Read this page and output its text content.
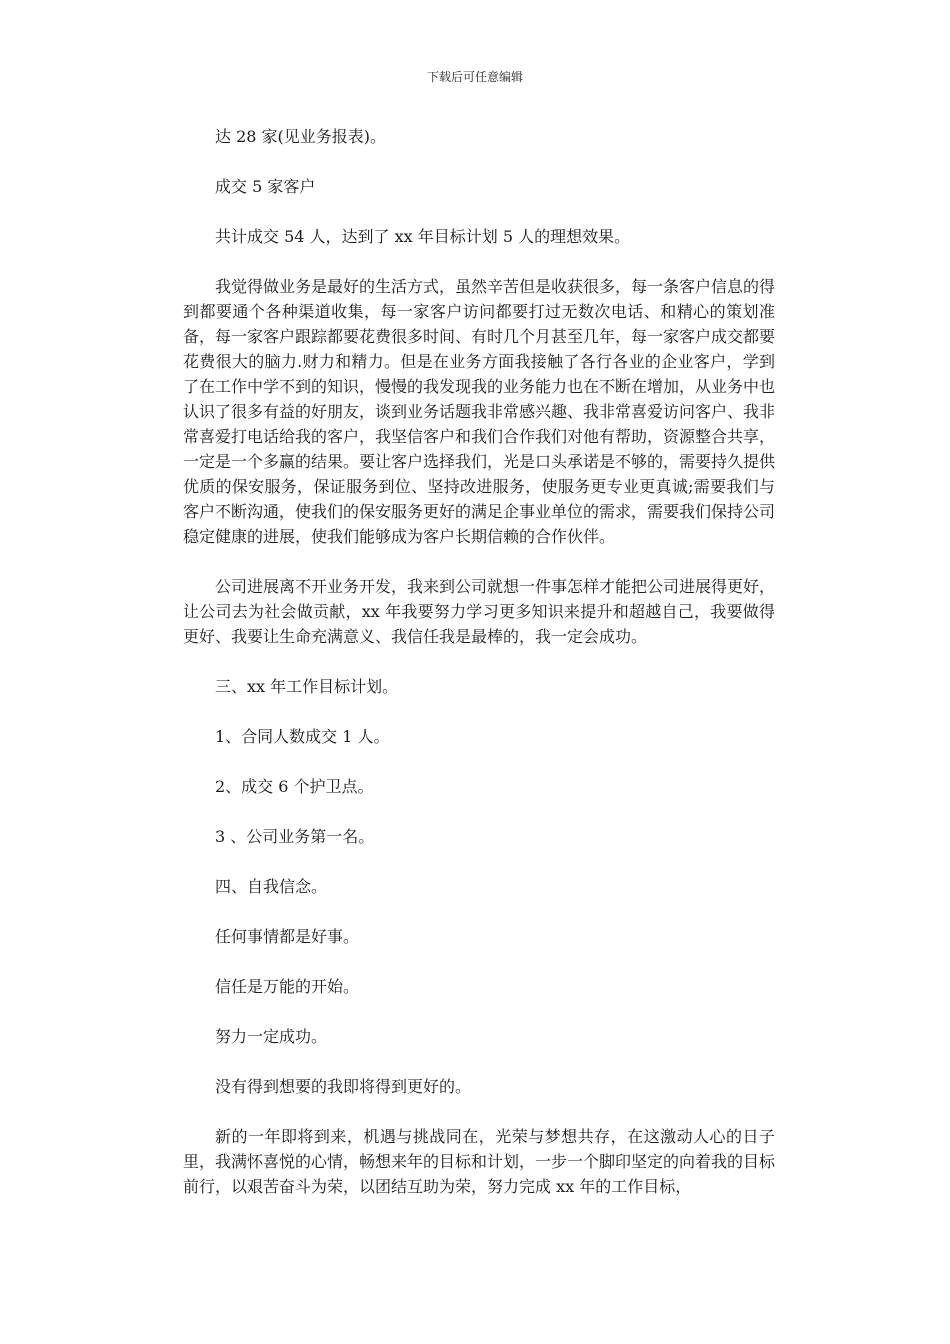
下载后可任意编辑

达 28 家(见业务报表)。

成交 5 家客户

共计成交 54 人，达到了 xx 年目标计划 5 人的理想效果。

我觉得做业务是最好的生活方式，虽然辛苦但是收获很多，每一条客户信息的得到都要通个各种渠道收集，每一家客户访问都要打过无数次电话、和精心的策划准备，每一家客户跟踪都要花费很多时间、有时几个月甚至几年，每一家客户成交都要花费很大的脑力.财力和精力。但是在业务方面我接触了各行各业的企业客户，学到了在工作中学不到的知识，慢慢的我发现我的业务能力也在不断在增加，从业务中也认识了很多有益的好朋友，谈到业务话题我非常感兴趣、我非常喜爱访问客户、我非常喜爱打电话给我的客户，我坚信客户和我们合作我们对他有帮助，资源整合共享，一定是一个多赢的结果。要让客户选择我们，光是口头承诺是不够的，需要持久提供优质的保安服务，保证服务到位、坚持改进服务，使服务更专业更真诚;需要我们与客户不断沟通，使我们的保安服务更好的满足企事业单位的需求，需要我们保持公司稳定健康的进展，使我们能够成为客户长期信赖的合作伙伴。

公司进展离不开业务开发，我来到公司就想一件事怎样才能把公司进展得更好，让公司去为社会做贡献，xx 年我要努力学习更多知识来提升和超越自己，我要做得更好、我要让生命充满意义、我信任我是最棒的，我一定会成功。

三、xx 年工作目标计划。

1、合同人数成交 1 人。

2、成交 6 个护卫点。

3 、公司业务第一名。

四、自我信念。

任何事情都是好事。

信任是万能的开始。

努力一定成功。

没有得到想要的我即将得到更好的。

新的一年即将到来，机遇与挑战同在，光荣与梦想共存，在这激动人心的日子里，我满怀喜悦的心情，畅想来年的目标和计划，一步一个脚印坚定的向着我的目标前行，以艰苦奋斗为荣，以团结互助为荣，努力完成 xx 年的工作目标，
